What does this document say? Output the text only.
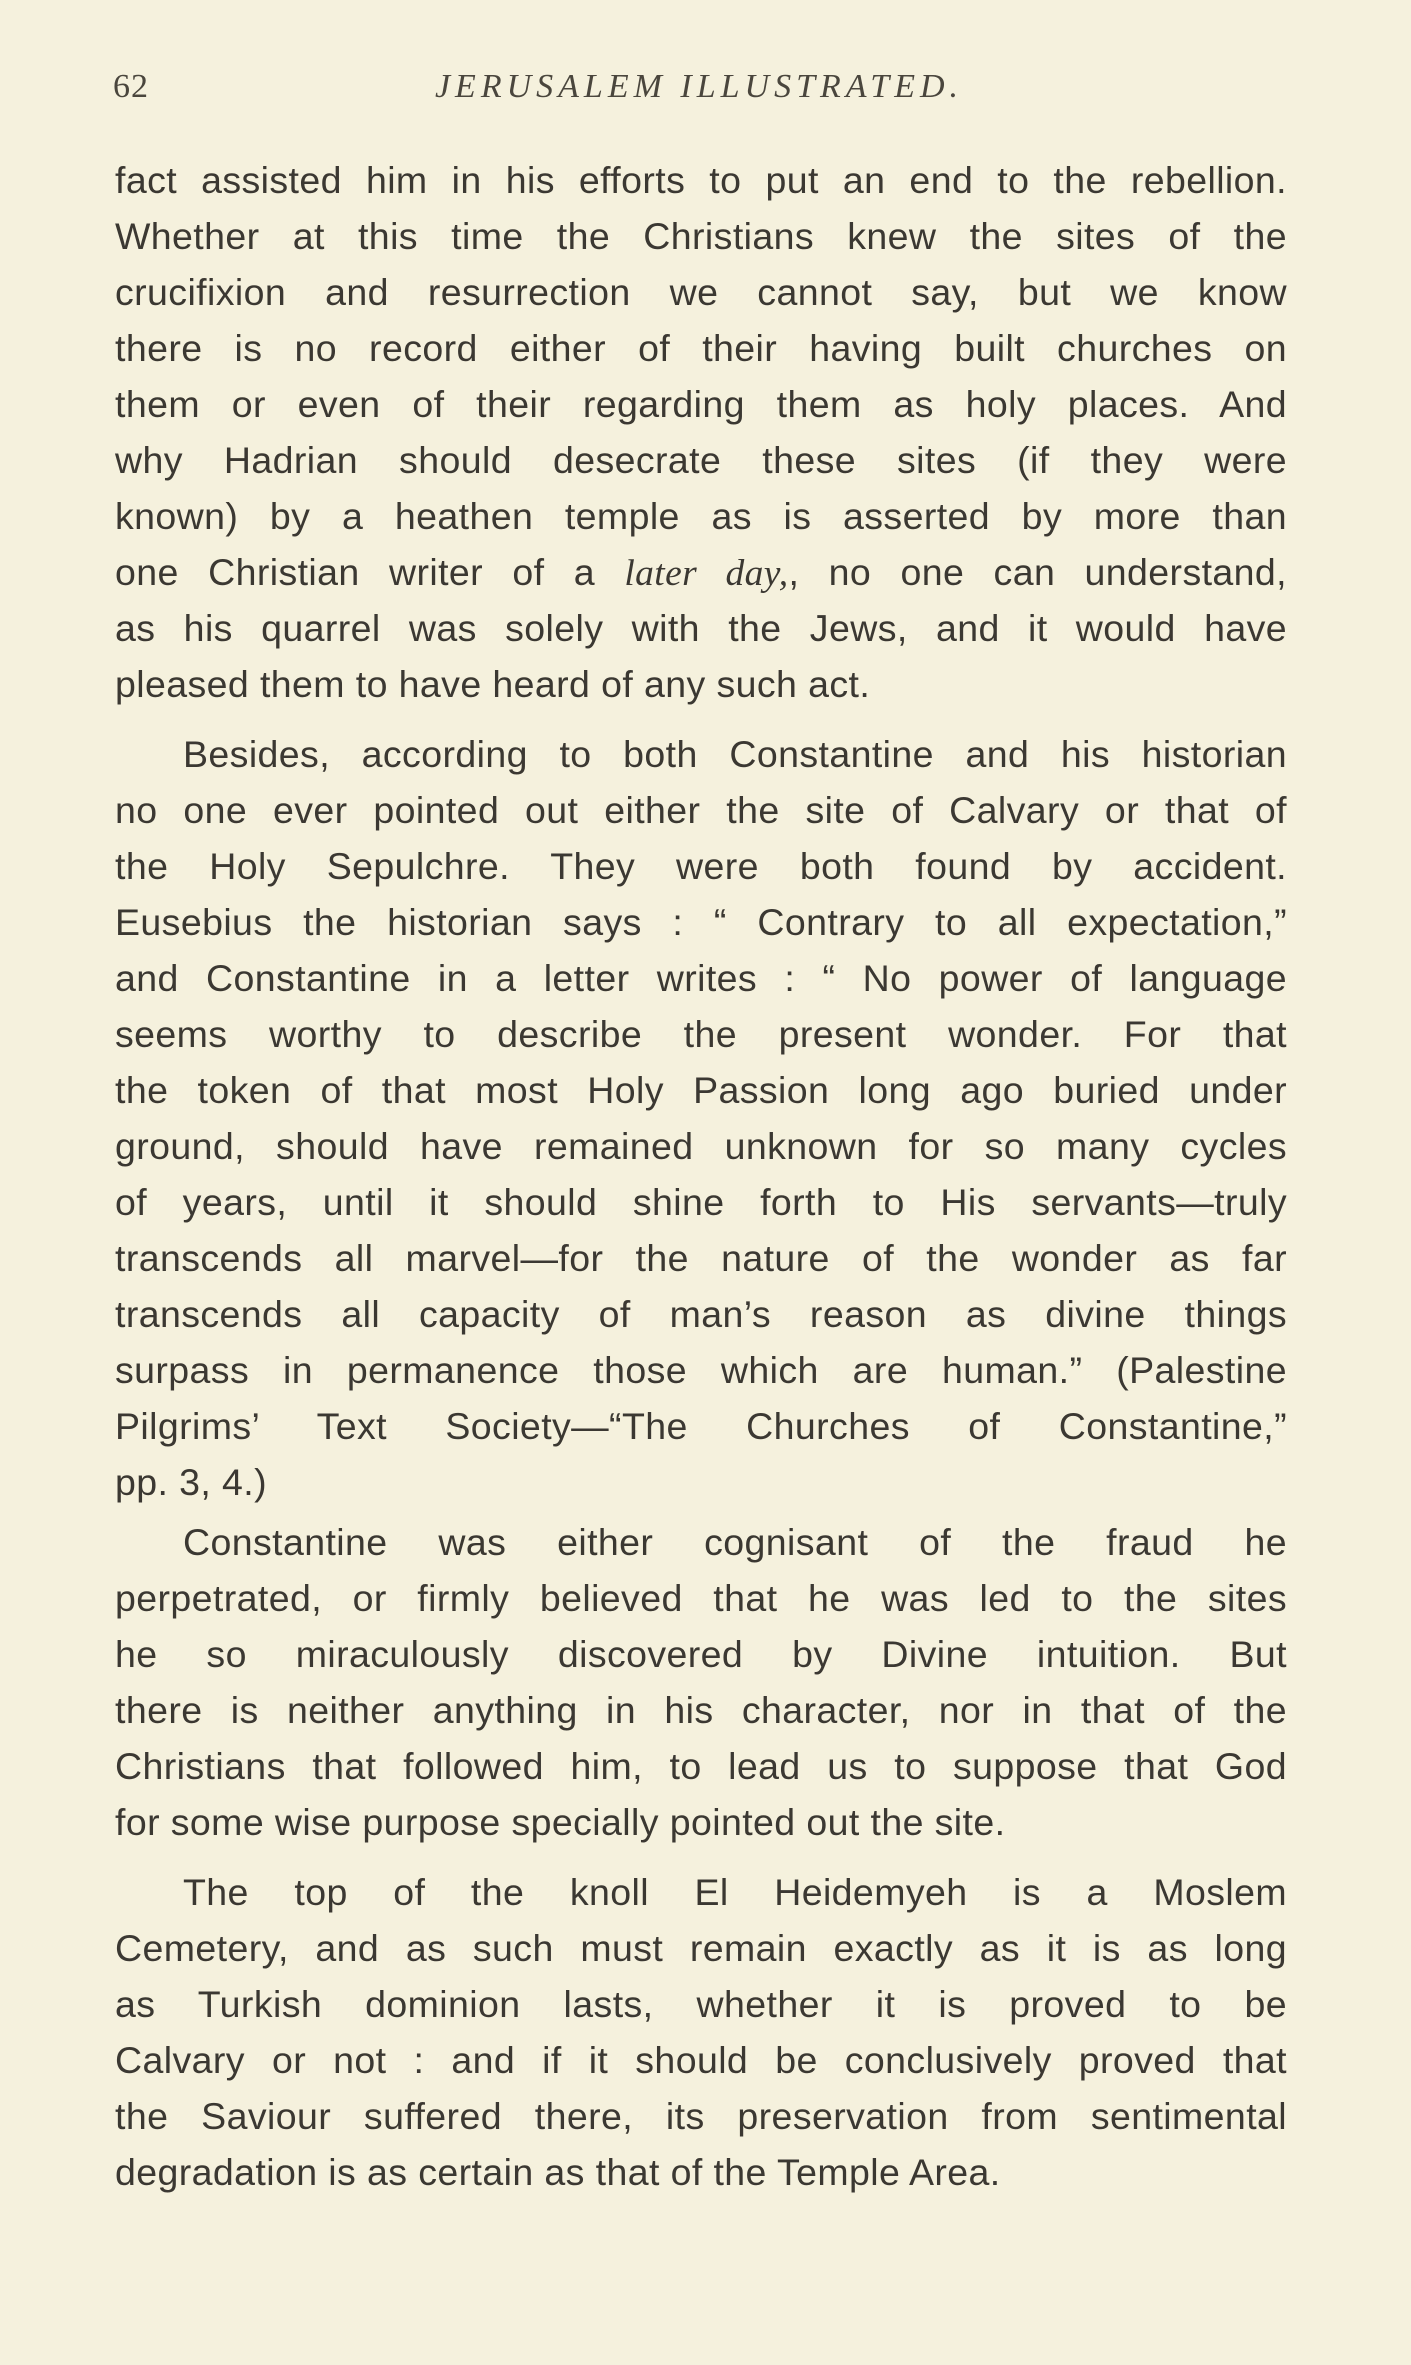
62	JERUSALEM ILLUSTRATED.
fact assisted him in his efforts to put an end to the rebellion.
Whether at this time the Christians knew the sites of the
crucifixion and resurrection we cannot say, but we know
there is no record either of their having built churches on
them or even of their regarding them as holy places. And
why Hadrian should desecrate these sites (if they were
known) by a heathen temple as is asserted by more than
one Christian writer of a later day,, no one can understand,
as his quarrel was solely with the Jews, and it would have
pleased them to have heard of any such act.
Besides, according to both Constantine and his historian
no one ever pointed out either the site of Calvary or that of
the Holy Sepulchre. They were both found by accident.
Eusebius the historian says : “ Contrary to all expectation,”
and Constantine in a letter writes : “ No power of language
seems worthy to describe the present wonder. For that
the token of that most Holy Passion long ago buried under
ground, should have remained unknown for so many cycles
of years, until it should shine forth to His servants—truly
transcends all marvel—for the nature of the wonder as far
transcends all capacity of man’s reason as divine things
surpass in permanence those which are human.” (Palestine
Pilgrims’ Text Society—“The Churches of Constantine,”
pp. 3, 4.)
Constantine was either cognisant of the fraud he
perpetrated, or firmly believed that he was led to the sites
he so miraculously discovered by Divine intuition. But
there is neither anything in his character, nor in that of the
Christians that followed him, to lead us to suppose that God
for some wise purpose specially pointed out the site.
The top of the knoll El Heidemyeh is a Moslem
Cemetery, and as such must remain exactly as it is as long
as Turkish dominion lasts, whether it is proved to be
Calvary or not : and if it should be conclusively proved that
the Saviour suffered there, its preservation from sentimental
degradation is as certain as that of the Temple Area.
